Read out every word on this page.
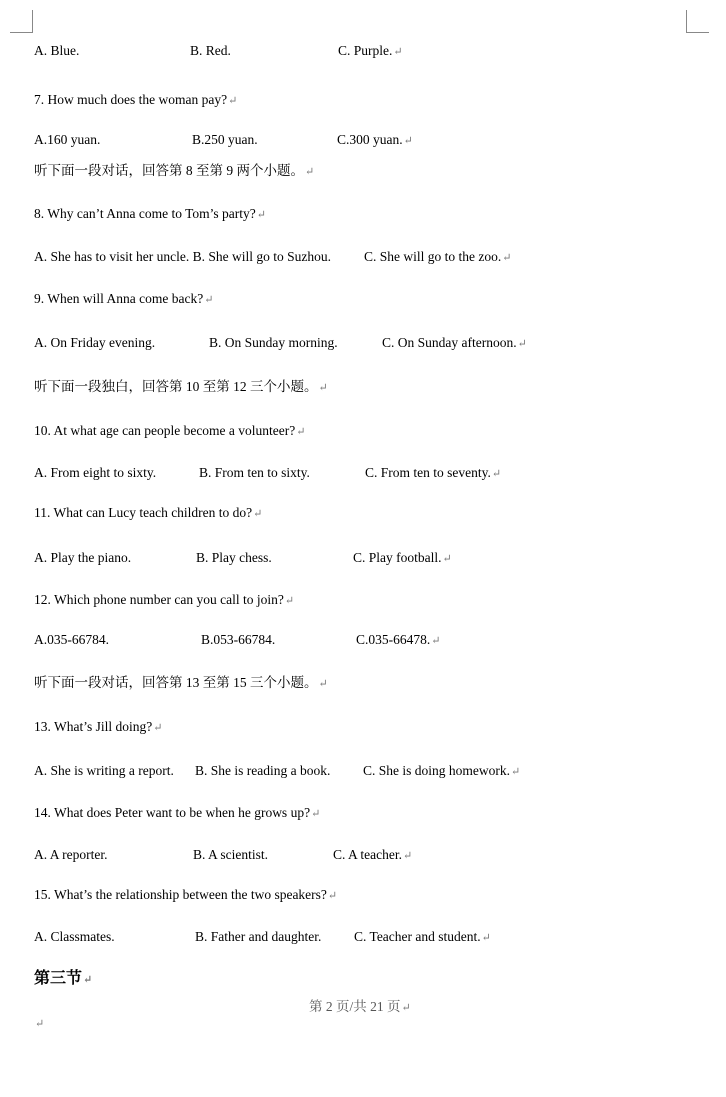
A. Blue.	B. Red.	C. Purple.↵
7. How much does the woman pay?↵
A.160 yuan.	B.250 yuan.	C.300 yuan.↵
听下面一段对话，回答第 8 至第 9 两个小题。↵
8. Why can’t Anna come to Tom’s party?↵
A. She has to visit her uncle. B. She will go to Suzhou. C. She will go to the zoo.↵
9. When will Anna come back?↵
A. On Friday evening.	B. On Sunday morning.	C. On Sunday afternoon.↵
听下面一段独白，回答第 10 至第 12 三个小题。↵
10. At what age can people become a volunteer?↵
A. From eight to sixty.	B. From ten to sixty.	C. From ten to seventy.↵
11. What can Lucy teach children to do?↵
A. Play the piano.	B. Play chess.	C. Play football.↵
12. Which phone number can you call to join?↵
A.035-66784.	B.053-66784.	C.035-66478.↵
听下面一段对话，回答第 13 至第 15 三个小题。↵
13. What’s Jill doing?↵
A. She is writing a report. B. She is reading a book. C. She is doing homework.↵
14. What does Peter want to be when he grows up?↵
A. A reporter.	B. A scientist.	C. A teacher.↵
15. What’s the relationship between the two speakers?↵
A. Classmates.	B. Father and daughter. C. Teacher and student.↵
第三节↵
第 2 页/共 21 页↵
↵
